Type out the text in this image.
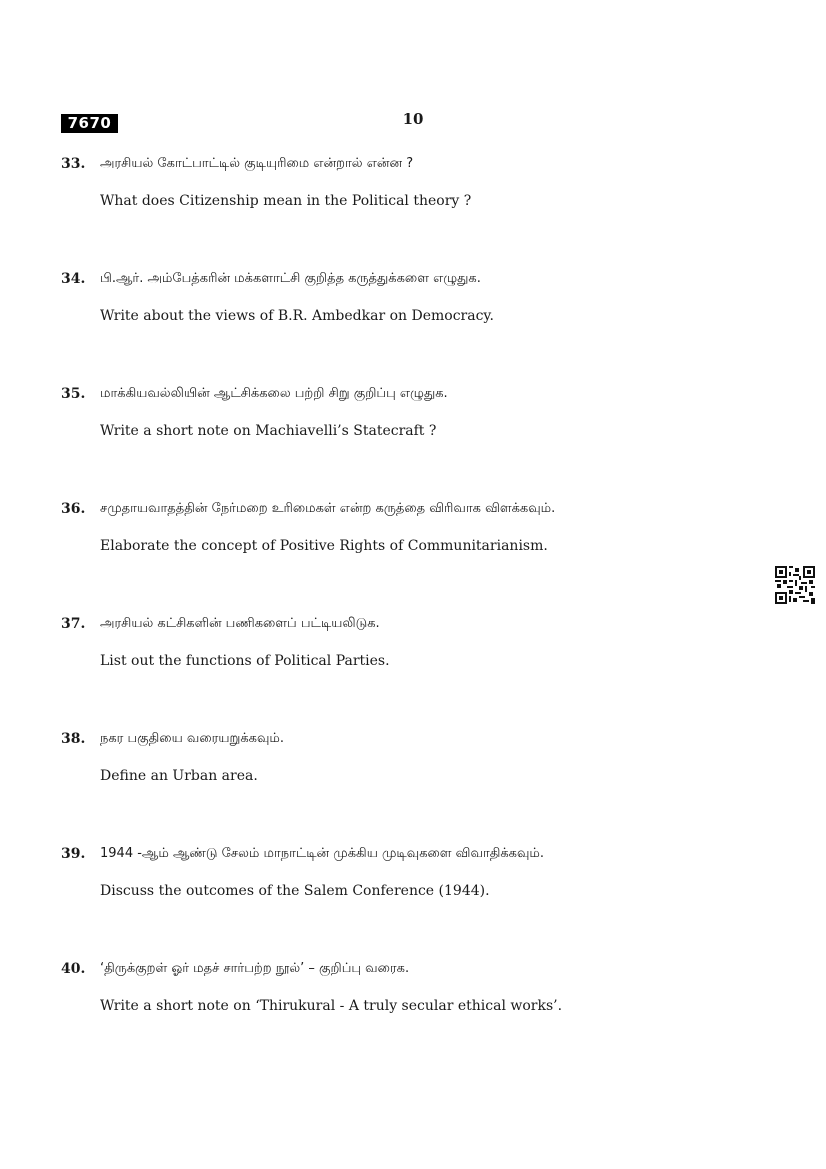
7670	10
33. அரசியல் கோட்பாட்டில் குடியுரிமை என்றால் என்ன ?
What does Citizenship mean in the Political theory ?
34. பி.ஆர். அம்பேத்கரின் மக்களாட்சி குறித்த கருத்துக்களை எழுதுக.
Write about the views of B.R. Ambedkar on Democracy.
35. மாக்கியவல்லியின் ஆட்சிக்கலை பற்றி சிறு குறிப்பு எழுதுக.
Write a short note on Machiavelli’s Statecraft ?
36. சமுதாயவாதத்தின் நேர்மறை உரிமைகள் என்ற கருத்தை விரிவாக விளக்கவும்.
Elaborate the concept of Positive Rights of Communitarianism.
37. அரசியல் கட்சிகளின் பணிகளைப் பட்டியலிடுக.
List out the functions of Political Parties.
38. நகர பகுதியை வரையறுக்கவும்.
Define an Urban area.
39. 1944 -ஆம் ஆண்டு சேலம் மாநாட்டின் முக்கிய முடிவுகளை விவாதிக்கவும்.
Discuss the outcomes of the Salem Conference (1944).
40. ‘திருக்குறள் ஓர் மதச் சார்பற்ற நூல்’ – குறிப்பு வரைக.
Write a short note on ‘Thirukural - A truly secular ethical works’.
